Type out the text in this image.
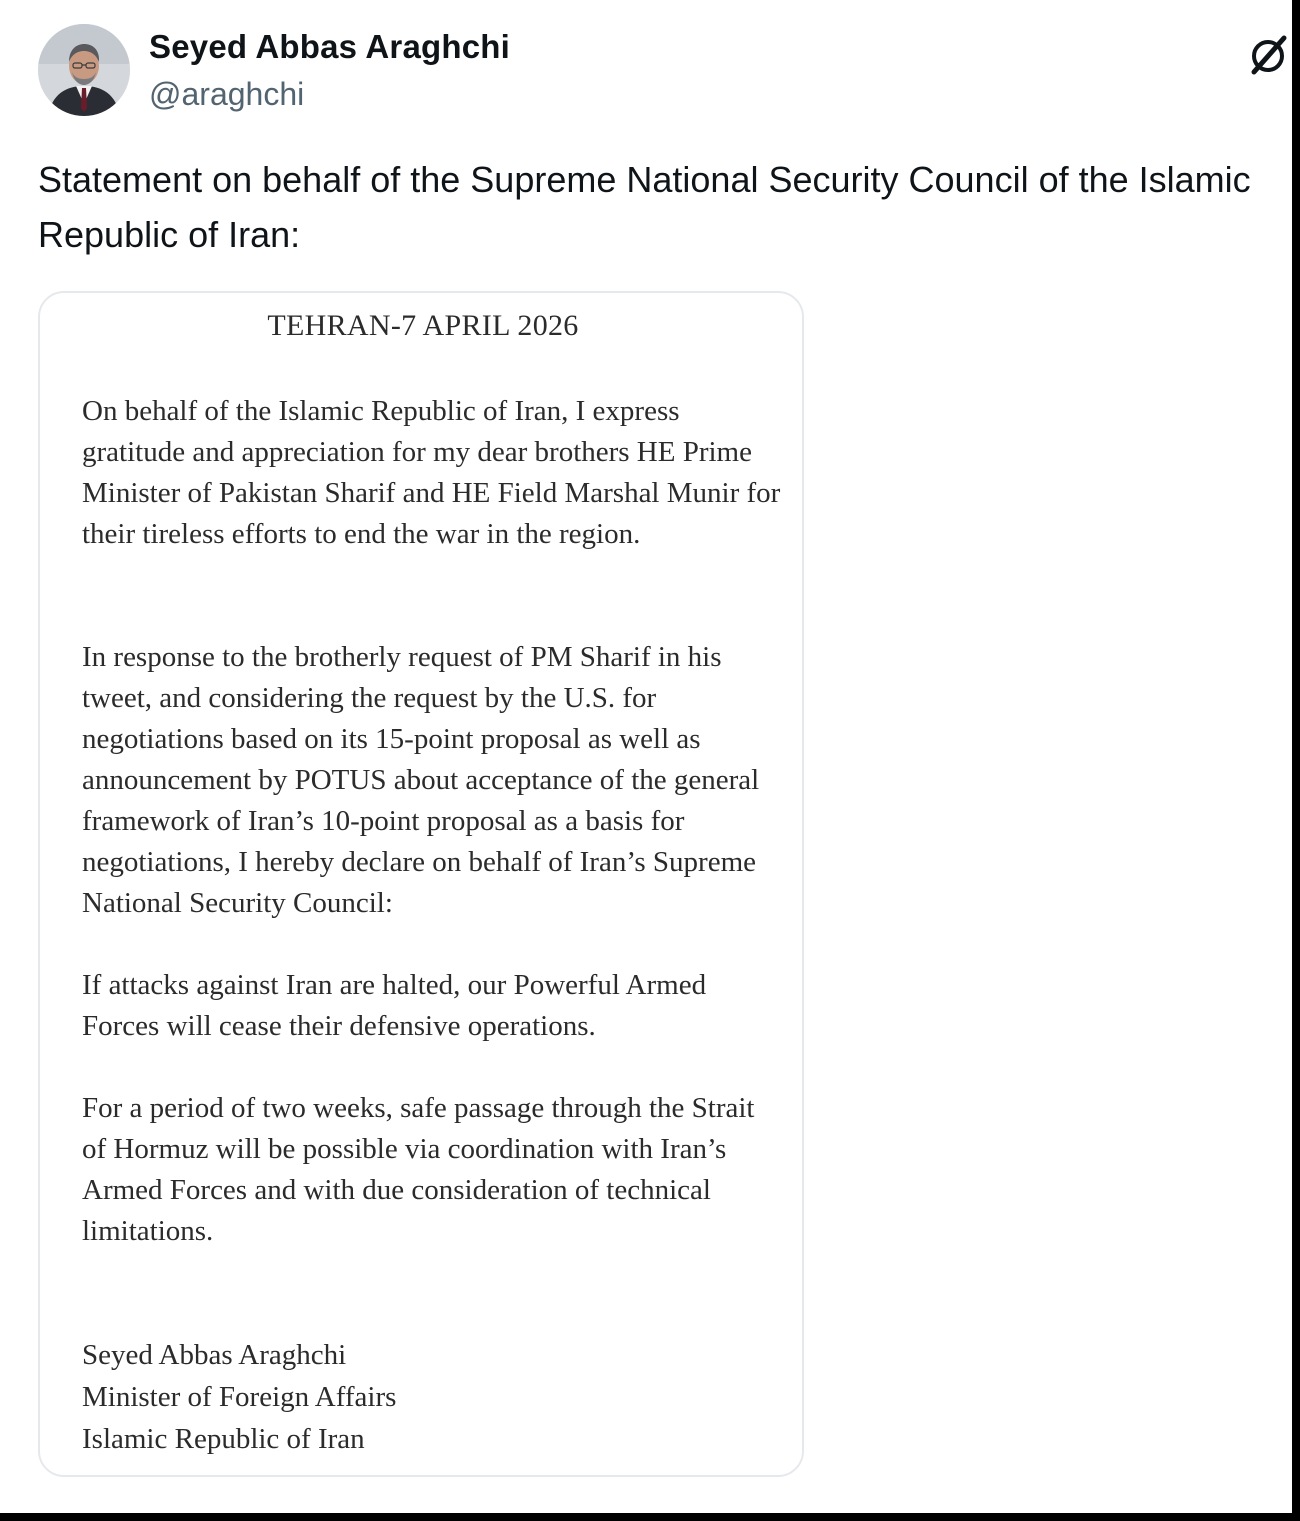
Seyed Abbas Araghchi
@araghchi
Statement on behalf of the Supreme National Security Council of the Islamic Republic of Iran:
TEHRAN-7 APRIL 2026

On behalf of the Islamic Republic of Iran, I express gratitude and appreciation for my dear brothers HE Prime Minister of Pakistan Sharif and HE Field Marshal Munir for their tireless efforts to end the war in the region.

In response to the brotherly request of PM Sharif in his tweet, and considering the request by the U.S. for negotiations based on its 15-point proposal as well as announcement by POTUS about acceptance of the general framework of Iran’s 10-point proposal as a basis for negotiations, I hereby declare on behalf of Iran’s Supreme National Security Council:

If attacks against Iran are halted, our Powerful Armed Forces will cease their defensive operations.

For a period of two weeks, safe passage through the Strait of Hormuz will be possible via coordination with Iran’s Armed Forces and with due consideration of technical limitations.

Seyed Abbas Araghchi
Minister of Foreign Affairs
Islamic Republic of Iran
